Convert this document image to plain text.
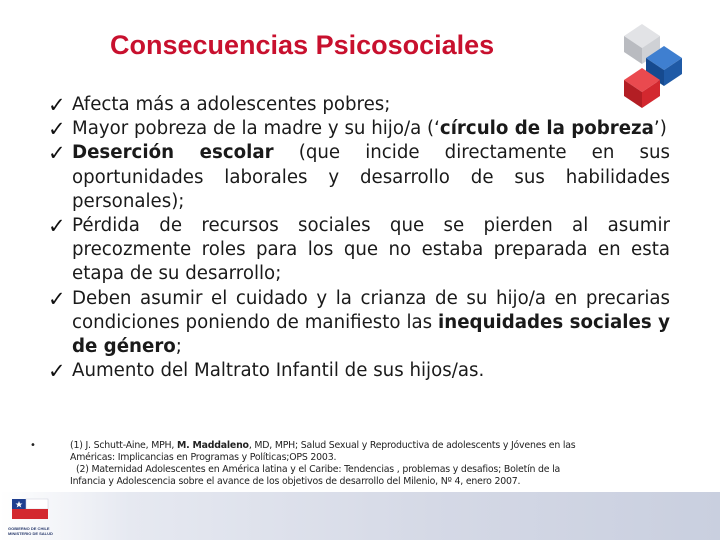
Consecuencias Psicosociales
✓ Afecta más a adolescentes pobres;
✓ Mayor pobreza de la madre y su hijo/a (‘círculo de la pobreza’)
✓ Deserción escolar (que incide directamente en sus oportunidades laborales y desarrollo de sus habilidades personales);
✓ Pérdida de recursos sociales que se pierden al asumir precozmente roles para los que no estaba preparada en esta etapa de su desarrollo;
✓ Deben asumir el cuidado y la crianza de su hijo/a en precarias condiciones poniendo de manifiesto las inequidades sociales y de género;
✓ Aumento del Maltrato Infantil de sus hijos/as.
•	(1) J. Schutt-Aine, MPH, M. Maddaleno, MD, MPH; Salud Sexual y Reproductiva de adolescents y Jóvenes en las
Américas: Implicancias en Programas y Políticas;OPS 2003.
(2) Maternidad Adolescentes en América latina y el Caribe: Tendencias , problemas y desafios; Boletín de la
Infancia y Adolescencia sobre el avance de los objetivos de desarrollo del Milenio, Nº 4, enero 2007.
GOBIERNO DE CHILE
MINISTERIO DE SALUD
